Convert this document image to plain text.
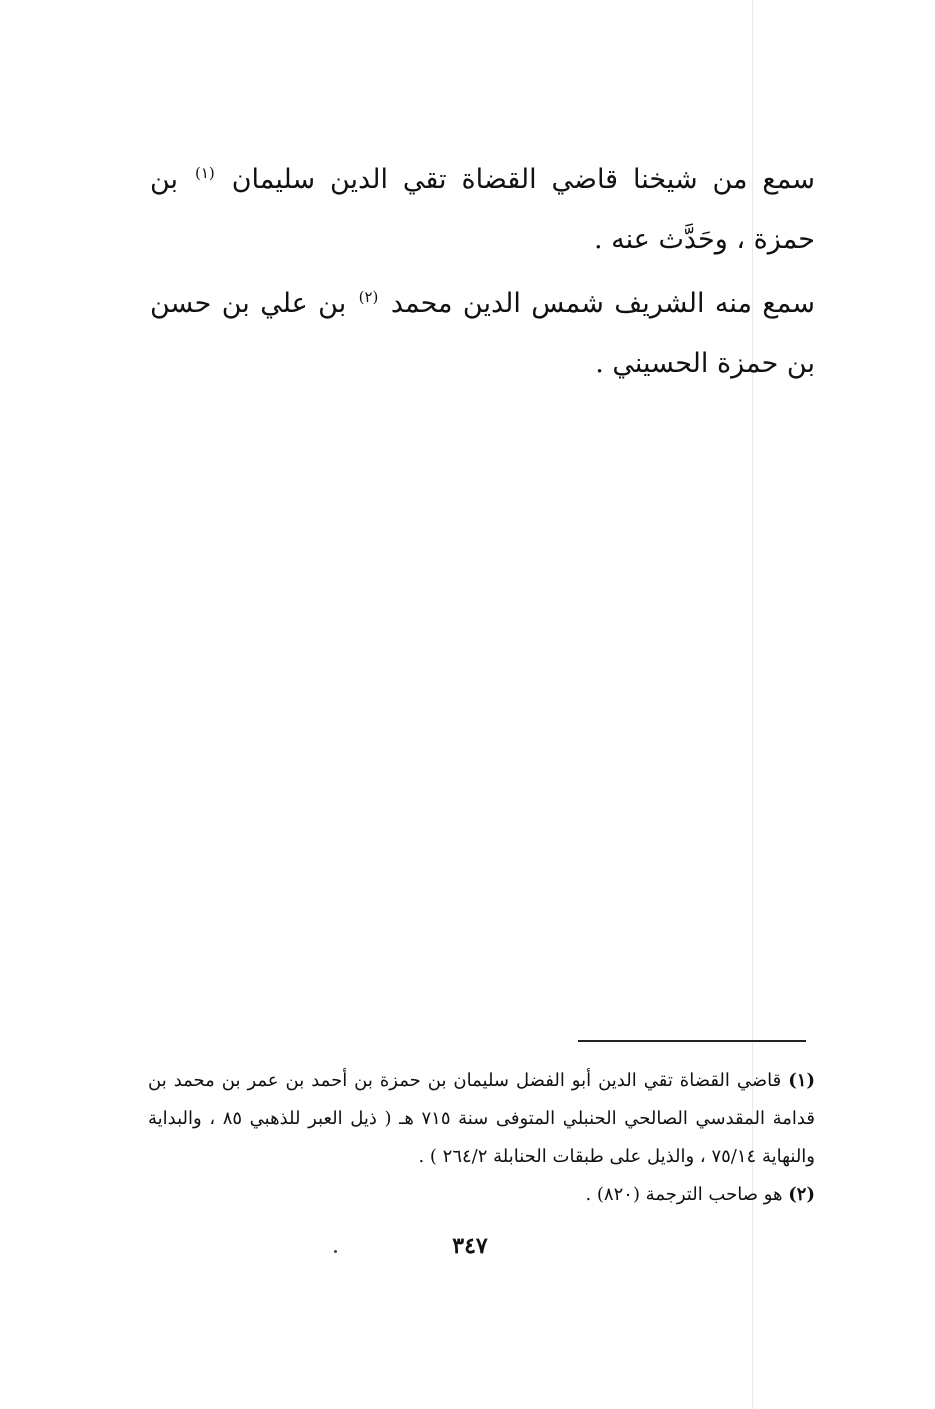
سمع من شيخنا قاضي القضاة تقي الدين سليمان $^{(١)}$ بن حمزة ، وحَدَّث عنه .

سمع منه الشريف شمس الدين محمد $^{(٢)}$ بن علي بن حسن بن حمزة الحسيني .

(١) قاضي القضاة تقي الدين أبو الفضل سليمان بن حمزة بن أحمد بن عمر بن محمد بن قدامة المقدسي الصالحي الحنبلي المتوفى سنة ٧١٥ هـ ( ذيل العبر للذهبي ٨٥ ، والبداية والنهاية ٧٥/١٤ ، والذيل على طبقات الحنابلة ٢٦٤/٢ ) .

(٢) هو صاحب الترجمة (٨٢٠) .

٣٤٧
